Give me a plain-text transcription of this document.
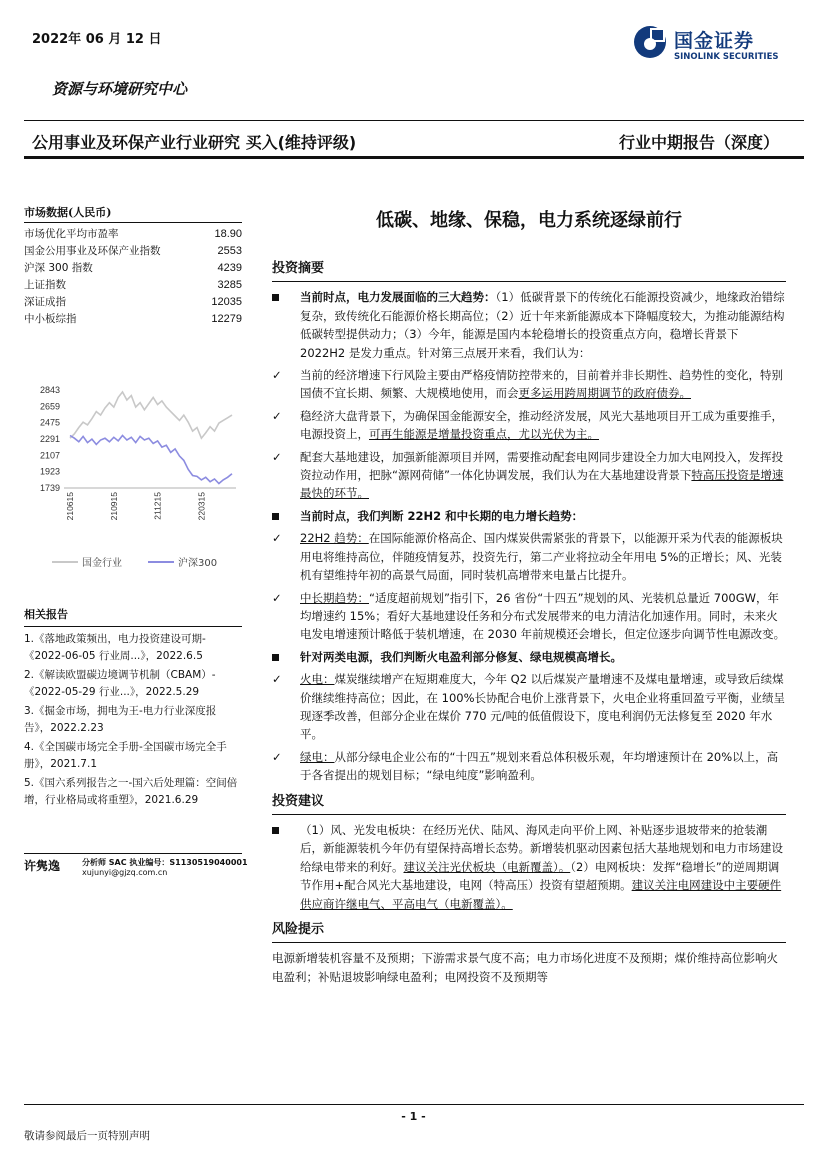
2022年 06 月 12 日	国金证券
SINOLINK SECURITIES
资源与环境研究中心
公用事业及环保产业行业研究 买入(维持评级)	行业中期报告（深度）
市场数据(人民币)
市场优化平均市盈率	18.90
国金公用事业及环保产业指数	2553
沪深 300 指数	4239
上证指数	3285
深证成指	12035
中小板综指	12279
2843
2659
2475
2291
2107
1923
1739
210615	210915	211215	220315
国金行业	沪深300
相关报告
1.《落地政策频出，电力投资建设可期-《2022-06-05 行业周...》，2022.6.5
2.《解读欧盟碳边境调节机制（CBAM）-《2022-05-29 行业...》，2022.5.29
3.《掘金市场，拥电为王-电力行业深度报告》，2022.2.23
4.《全国碳市场完全手册-全国碳市场完全手册》，2021.7.1
5.《国六系列报告之一-国六后处理篇：空间倍增，行业格局或将重塑》，2021.6.29
许隽逸	分析师 SAC 执业编号：S1130519040001
xujunyi@gjzq.com.cn
低碳、地缘、保稳，电力系统逐绿前行
投资摘要
当前时点，电力发展面临的三大趋势：（1）低碳背景下的传统化石能源投资减少，地缘政治错综复杂，致传统化石能源价格长期高位；（2）近十年来新能源成本下降幅度较大，为推动能源结构低碳转型提供动力；（3）今年，能源是国内本轮稳增长的投资重点方向，稳增长背景下 2022H2 是发力重点。针对第三点展开来看，我们认为：
✓	当前的经济增速下行风险主要由严格疫情防控带来的，目前着并非长期性、趋势性的变化，特别国债不宜长期、频繁、大规模地使用，而会更多运用跨周期调节的政府债券。
✓	稳经济大盘背景下，为确保国金能源安全，推动经济发展，风光大基地项目开工成为重要推手，电源投资上，可再生能源是增量投资重点，尤以光伏为主。
✓	配套大基地建设，加强新能源项目并网，需要推动配套电网同步建设全力加大电网投入，发挥投资拉动作用，把脉“源网荷储”一体化协调发展，我们认为在大基地建设背景下特高压投资是增速最快的环节。
当前时点，我们判断 22H2 和中长期的电力增长趋势：
✓	22H2 趋势：在国际能源价格高企、国内煤炭供需紧张的背景下，以能源开采为代表的能源板块用电将维持高位，伴随疫情复苏，投资先行，第二产业将拉动全年用电 5%的正增长；风、光装机有望维持年初的高景气局面，同时装机高增带来电量占比提升。
✓	中长期趋势：“适度超前规划”指引下，26 省份“十四五”规划的风、光装机总量近 700GW，年均增速约 15%；看好大基地建设任务和分布式发展带来的电力清洁化加速作用。同时，未来火电发电增速预计略低于装机增速，在 2030 年前规模还会增长，但定位逐步向调节性电源改变。
针对两类电源，我们判断火电盈利部分修复、绿电规模高增长。
✓	火电：煤炭继续增产在短期难度大，今年 Q2 以后煤炭产量增速不及煤电量增速，或导致后续煤价继续维持高位；因此，在 100%长协配合电价上涨背景下，火电企业将重回盈亏平衡，业绩呈现逐季改善，但部分企业在煤价 770 元/吨的低值假设下，度电利润仍无法修复至 2020 年水平。
✓	绿电：从部分绿电企业公布的“十四五”规划来看总体积极乐观，年均增速预计在 20%以上，高于各省提出的规划目标；“绿电纯度”影响盈利。
投资建议
（1）风、光发电板块：在经历光伏、陆风、海风走向平价上网、补贴逐步退坡带来的抢装潮后，新能源装机今年仍有望保持高增长态势。新增装机驱动因素包括大基地规划和电力市场建设给绿电带来的利好。建议关注光伏板块（电新覆盖）。（2）电网板块：发挥“稳增长”的逆周期调节作用+配合风光大基地建设，电网（特高压）投资有望超预期。建议关注电网建设中主要硬件供应商许继电气、平高电气（电新覆盖）。
风险提示
电源新增装机容量不及预期；下游需求景气度不高；电力市场化进度不及预期；煤价维持高位影响火电盈利；补贴退坡影响绿电盈利；电网投资不及预期等
- 1 -
敬请参阅最后一页特别声明
